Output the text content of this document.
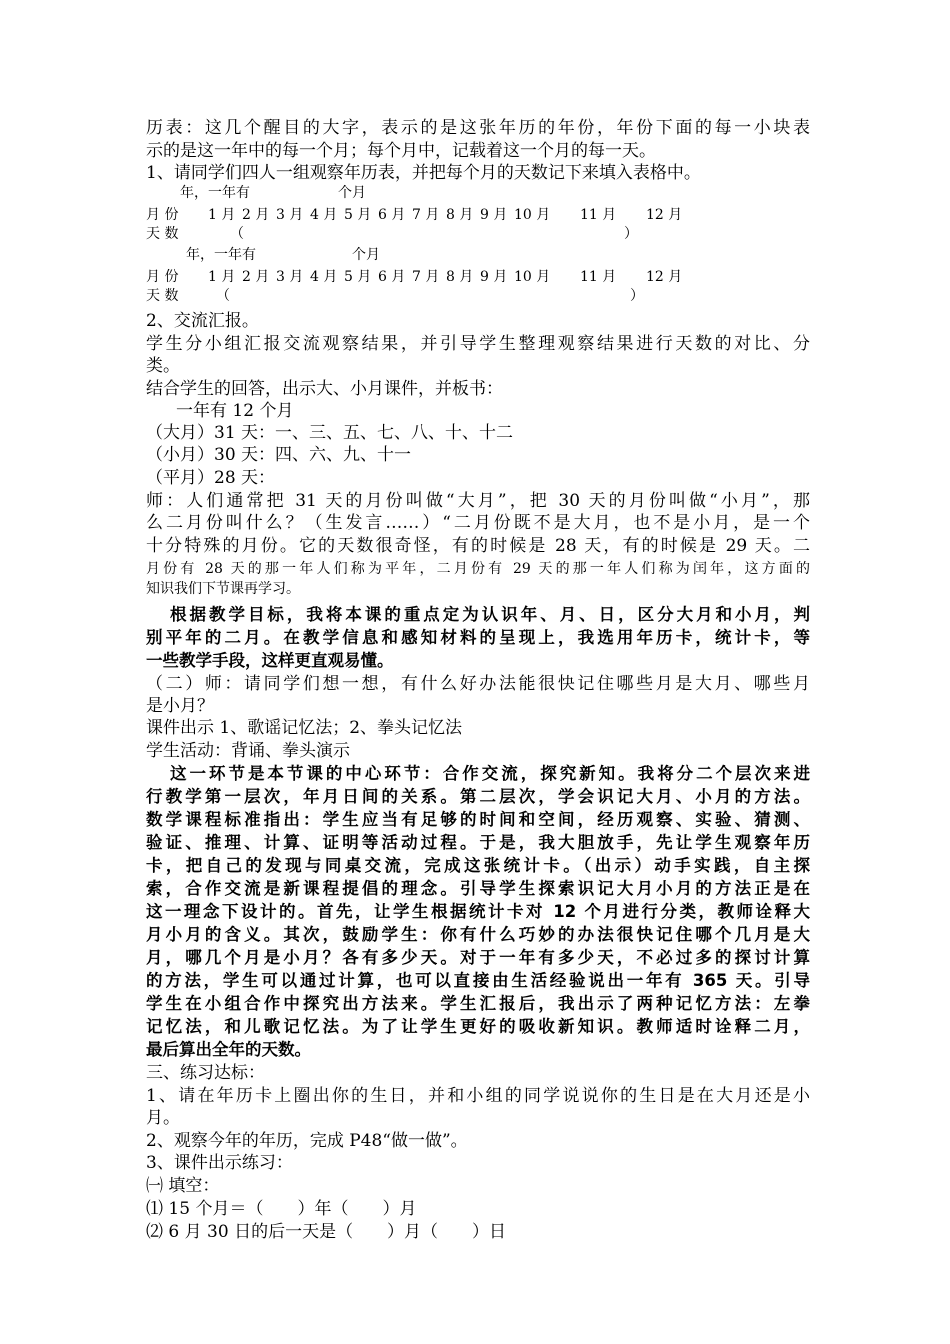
历表：这几个醒目的大字，表示的是这张年历的年份，年份下面的每一小块表
示的是这一年中的每一个月；每个月中，记载着这一个月的每一天。
1、请同学们四人一组观察年历表，并把每个月的天数记下来填入表格中。
年，一年有	个月
月 份 1 月 2 月 3 月 4 月 5 月 6 月 7 月 8 月 9 月 10 月 11 月 12 月
天 数	（	）
年，一年有	个月
月 份 1 月 2 月 3 月 4 月 5 月 6 月 7 月 8 月 9 月 10 月 11 月 12 月
天 数	（	）
2、交流汇报。
学生分小组汇报交流观察结果，并引导学生整理观察结果进行天数的对比、分
类。
结合学生的回答，出示大、小月课件，并板书：
一年有 12 个月
（大月）31 天：一、三、五、七、八、十、十二
（小月）30 天：四、六、九、十一
（平月）28 天：
师：人们通常把 31 天的月份叫做“大月”，把 30 天的月份叫做“小月”，那
么二月份叫什么？（生发言……）“二月份既不是大月，也不是小月，是一个
十分特殊的月份。它的天数很奇怪，有的时候是 28 天，有的时候是 29 天。二
月份有 28 天的那一年人们称为平年，二月份有 29 天的那一年人们称为闰年，这方面的
知识我们下节课再学习。
根据教学目标，我将本课的重点定为认识年、月、日，区分大月和小月，判
别平年的二月。在教学信息和感知材料的呈现上，我选用年历卡，统计卡，等
一些教学手段，这样更直观易懂。
（二）师：请同学们想一想，有什么好办法能很快记住哪些月是大月、哪些月
是小月？
课件出示 1、歌谣记忆法；2、拳头记忆法
学生活动：背诵、拳头演示
这一环节是本节课的中心环节：合作交流，探究新知。我将分二个层次来进
行教学第一层次，年月日间的关系。第二层次，学会识记大月、小月的方法。
数学课程标准指出：学生应当有足够的时间和空间，经历观察、实验、猜测、
验证、推理、计算、证明等活动过程。于是，我大胆放手，先让学生观察年历
卡，把自己的发现与同桌交流，完成这张统计卡。（出示）动手实践，自主探
索，合作交流是新课程提倡的理念。引导学生探索识记大月小月的方法正是在
这一理念下设计的。首先，让学生根据统计卡对 12 个月进行分类，教师诠释大
月小月的含义。其次，鼓励学生：你有什么巧妙的办法很快记住哪个几月是大
月，哪几个月是小月？各有多少天。对于一年有多少天，不必过多的探讨计算
的方法，学生可以通过计算，也可以直接由生活经验说出一年有 365 天。引导
学生在小组合作中探究出方法来。学生汇报后，我出示了两种记忆方法：左拳
记忆法，和儿歌记忆法。为了让学生更好的吸收新知识。教师适时诠释二月，
最后算出全年的天数。
三、练习达标：
1、请在年历卡上圈出你的生日，并和小组的同学说说你的生日是在大月还是小
月。
2、观察今年的年历，完成 P48“做一做”。
3、课件出示练习：
㈠ 填空：
⑴ 15 个月＝（　　）年（　　）月
⑵ 6 月 30 日的后一天是（　　）月（　　）日
